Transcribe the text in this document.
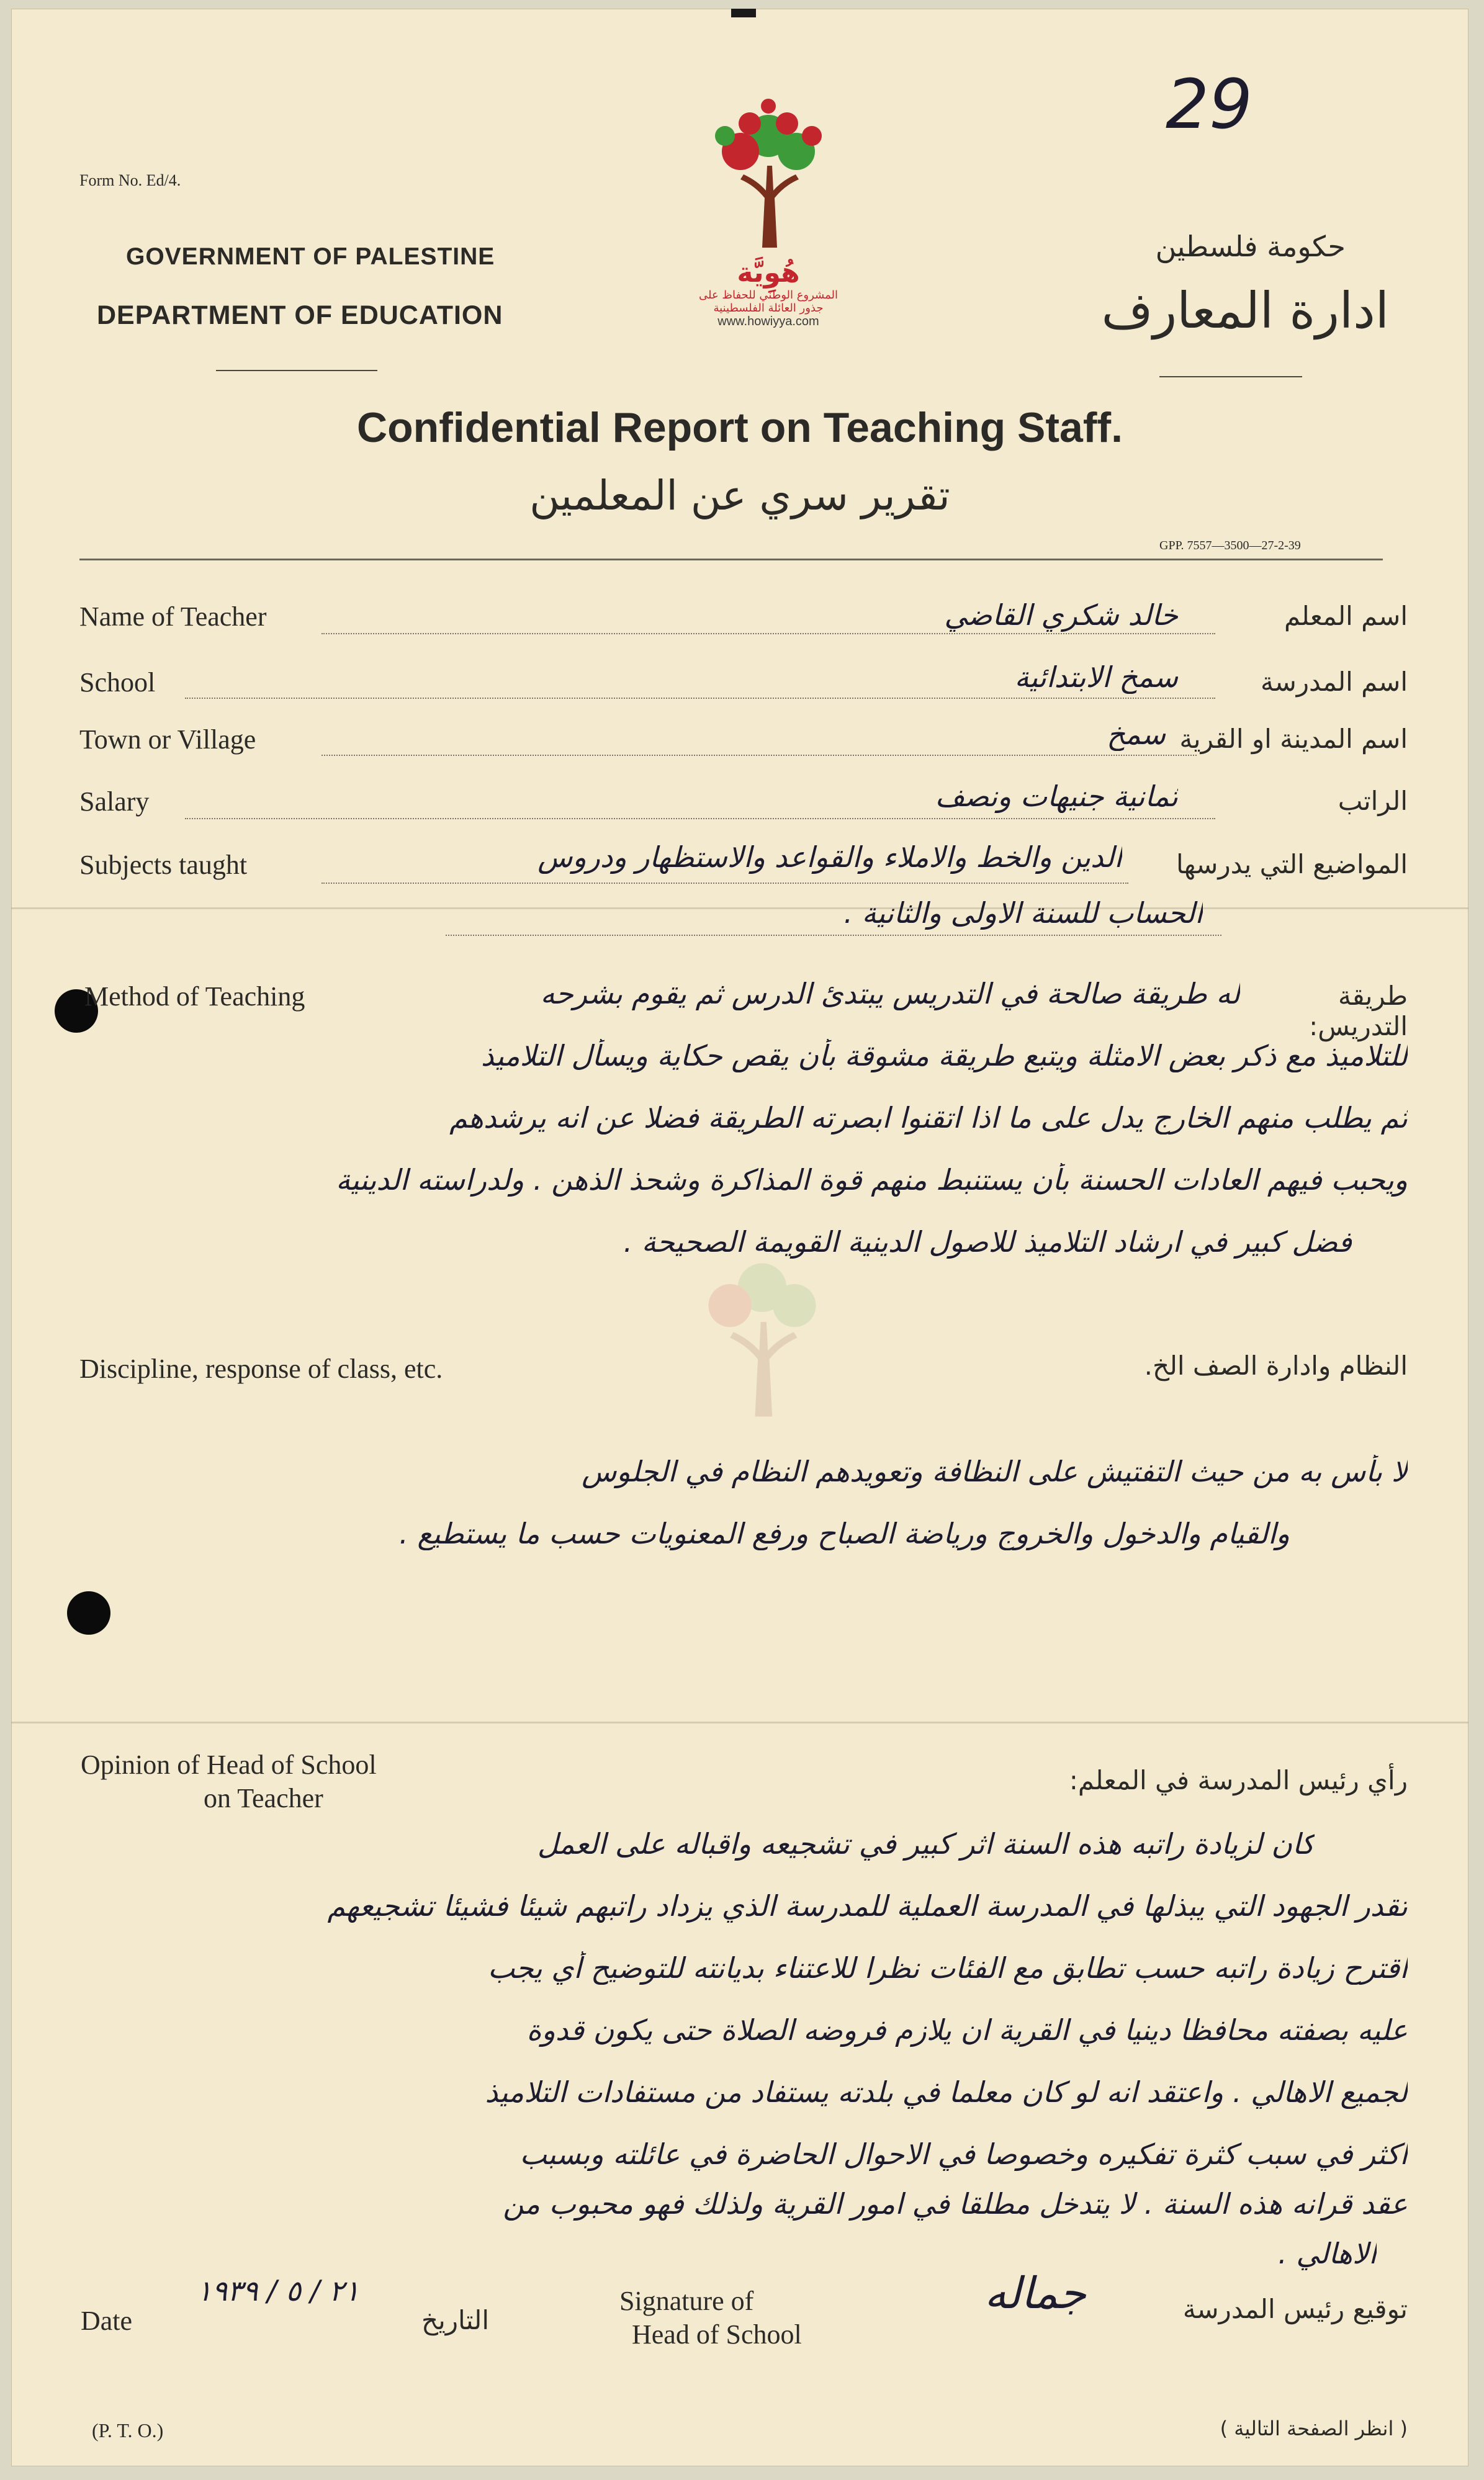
29
Form No. Ed/4.
GOVERNMENT OF PALESTINE
DEPARTMENT OF EDUCATION
حكومة فلسطين
ادارة المعارف
هُوِيَّة
المشروع الوطني للحفاظ على
جذور العائلة الفلسطينية
www.howiyya.com
Confidential Report on Teaching Staff.
تقرير سري عن المعلمين
GPP. 7557—3500—27-2-39
Name of Teacher	خالد شكري القاضي	اسم المعلم
School	سمخ الابتدائية	اسم المدرسة
Town or Village	سمخ اسم المدينة او القرية
Salary	ثمانية جنيهات ونصف	الراتب
Subjects taught	المواضيع التي يدرسها
الدين والخط والاملاء والقواعد والاستظهار ودروس
الحساب للسنة الاولى والثانية .
Method of Teaching	طريقة التدريس:
له طريقة صالحة في التدريس يبتدئ الدرس ثم يقوم بشرحه
للتلاميذ مع ذكر بعض الامثلة ويتبع طريقة مشوقة بأن يقص حكاية ويسأل التلاميذ
ثم يطلب منهم الخارج يدل على ما اذا اتقنوا ابصرته الطريقة فضلا عن انه يرشدهم
ويحبب فيهم العادات الحسنة بأن يستنبط منهم قوة المذاكرة وشحذ الذهن . ولدراسته الدينية
فضل كبير في ارشاد التلاميذ للاصول الدينية القويمة الصحيحة .
Discipline, response of class, etc.	النظام وادارة الصف الخ.
لا بأس به من حيث التفتيش على النظافة وتعويدهم النظام في الجلوس
والقيام والدخول والخروج ورياضة الصباح ورفع المعنويات حسب ما يستطيع .
Opinion of Head of School
on Teacher
رأي رئيس المدرسة في المعلم:
كان لزيادة راتبه هذه السنة اثر كبير في تشجيعه واقباله على العمل
تقدر الجهود التي يبذلها في المدرسة العملية للمدرسة الذي يزداد راتبهم شيئا فشيئا تشجيعهم
اقترح زيادة راتبه حسب تطابق مع الفئات نظرا للاعتناء بديانته للتوضيح أي يجب
عليه بصفته محافظا دينيا في القرية ان يلازم فروضه الصلاة حتى يكون قدوة
لجميع الاهالي . واعتقد انه لو كان معلما في بلدته يستفاد من مستفادات التلاميذ
اكثر في سبب كثرة تفكيره وخصوصا في الاحوال الحاضرة في عائلته وبسبب
عقد قرانه هذه السنة . لا يتدخل مطلقا في امور القرية ولذلك فهو محبوب من
الاهالي .
Date
٢١ / ٥ / ١٩٣٩
التاريخ
Signature of
Head of School
جماله	توقيع رئيس المدرسة
(P. T. O.)	( انظر الصفحة التالية )
